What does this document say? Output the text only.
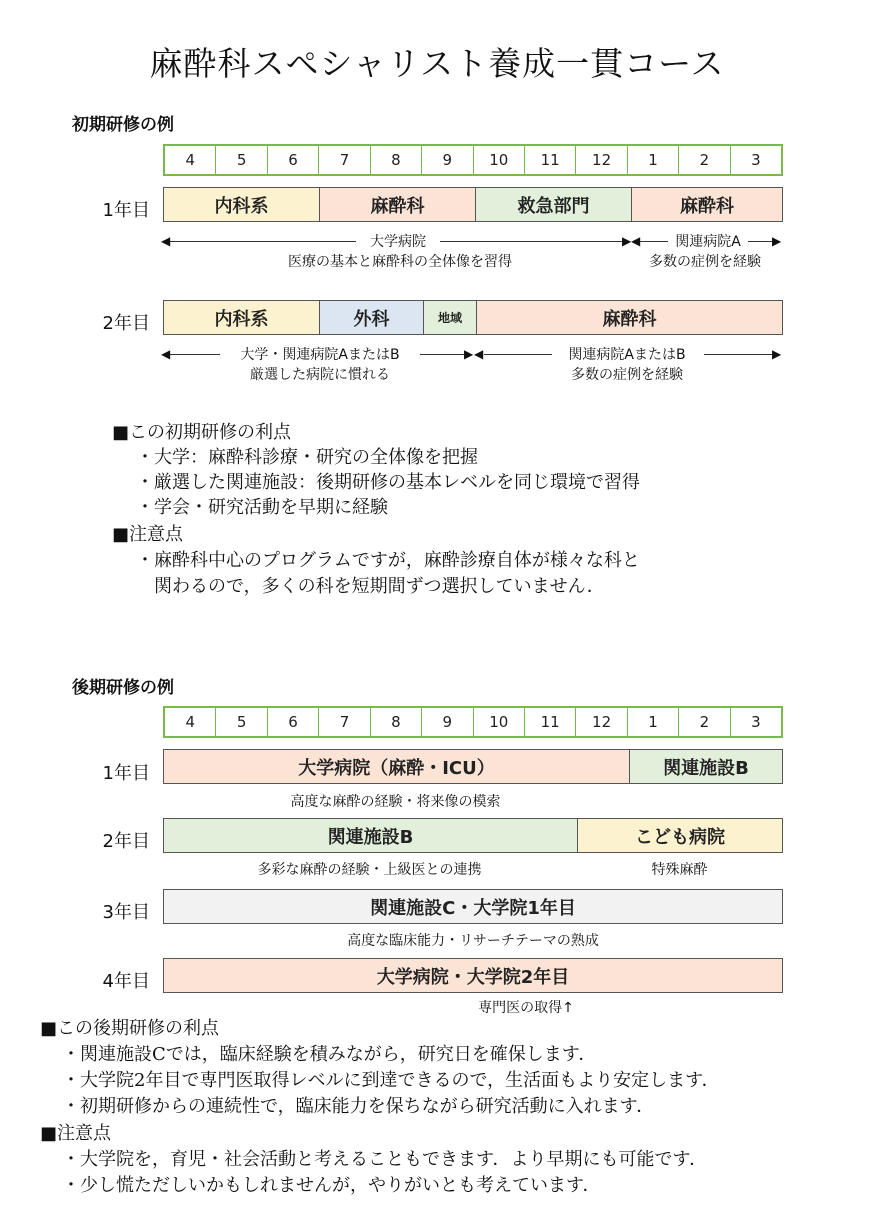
麻酔科スペシャリスト養成一貫コース
初期研修の例
4	5	6	7	8	9	10	11	12	1	2	3
1年目	内科系	麻酔科	救急部門	麻酔科
◀	▶
大学病院
医療の基本と麻酔科の全体像を習得
◀	関連病院A	▶
多数の症例を経験
2年目	内科系	外科	地域	麻酔科
◀	大学・関連病院AまたはB	▶
厳選した病院に慣れる
◀	関連病院AまたはB	▶
多数の症例を経験
■この初期研修の利点
・大学：麻酔科診療・研究の全体像を把握
・厳選した関連施設：後期研修の基本レベルを同じ環境で習得
・学会・研究活動を早期に経験
■注意点
・麻酔科中心のプログラムですが，麻酔診療自体が様々な科と
　関わるので，多くの科を短期間ずつ選択していません．
後期研修の例
4	5	6	7	8	9	10	11	12	1	2	3
1年目	大学病院（麻酔・ICU）	関連施設B
高度な麻酔の経験・将来像の模索
2年目	関連施設B	こども病院
多彩な麻酔の経験・上級医との連携	特殊麻酔
3年目	関連施設C・大学院1年目
高度な臨床能力・リサーチテーマの熟成
4年目	大学病院・大学院2年目
専門医の取得↑
■この後期研修の利点
・関連施設Cでは，臨床経験を積みながら，研究日を確保します．
・大学院2年目で専門医取得レベルに到達できるので，生活面もより安定します．
・初期研修からの連続性で，臨床能力を保ちながら研究活動に入れます．
■注意点
・大学院を，育児・社会活動と考えることもできます．より早期にも可能です．
・少し慌ただしいかもしれませんが，やりがいとも考えています．
